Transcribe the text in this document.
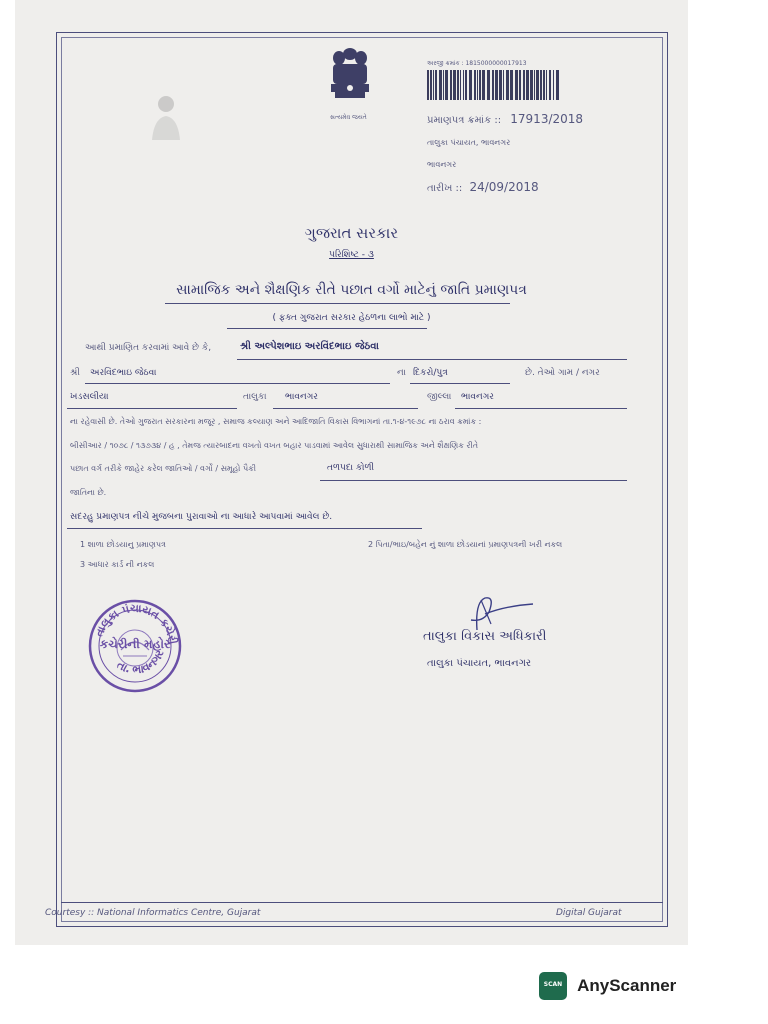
સત્યમેવ જયતે
અરજી ક્રમાંક : 1815000000017913
પ્રમાણપત્ર ક્રમાંક :: 17913/2018
તાલુકા પંચાયત, ભાવનગર
ભાવનગર
તારીખ :: 24/09/2018
ગુજરાત સરકાર
પરિશિષ્ટ - ૩
સામાજિક અને શૈક્ષણિક રીતે પછાત વર્ગો માટેનું જાતિ પ્રમાણપત્ર
( ફક્ત ગુજરાત સરકાર હેઠળના લાભો માટે )
આથી પ્રમાણિત કરવામાં આવે છે કે,	શ્રી અલ્પેશભાઇ અરવિંદભાઇ જેઠવા
શ્રી અરવિંદભાઇ જેઠવા	ના દિકરો/પુત્ર	છે. તેઓ ગામ / નગર
ખડસલીયા	તાલુકા ભાવનગર	જીલ્લા ભાવનગર
ના રહેવાસી છે. તેઓ ગુજરાત સરકારના મજૂર , સમાજ કલ્યાણ અને આદિજાતિ વિકાસ વિભાગનાં તા.૧-૪-૧૯૭૮ ના ઠરાવ ક્રમાંક :
બીસીઆર / ૧૦૭૮ / ૧૩૭૩૪ / હ , તેમજ ત્યારબાદના વખતો વખત બહાર પાડવામાં આવેલ સુધારાથી સામાજિક અને શૈક્ષણિક રીતે
પછાત વર્ગ તરીકે જાહેર કરેલ જાતિઓ / વર્ગો / સમૂહો પૈકી	તળપદા કોળી
જાતિના છે.
સદરહુ પ્રમાણપત્ર નીચે મુજબના પુરાવાઓ ના આધારે આપવામાં આવેલ છે.
1 શાળા છોડયાનુ પ્રમાણપત્ર	2 પિતા/ભાઇ/બહેન નું શાળા છોડયાનાં પ્રમાણપત્રની ખરી નકલ
3 આધાર કાર્ડ ની નકલ
તાલુકા પંચાયત કચેરી
કચેરીની મહોર
તા. ભાવનગર
તાલુકા વિકાસ અધિકારી
તાલુકા પંચાયત, ભાવનગર
Courtesy :: National Informatics Centre, Gujarat	Digital Gujarat
SCAN AnyScanner
